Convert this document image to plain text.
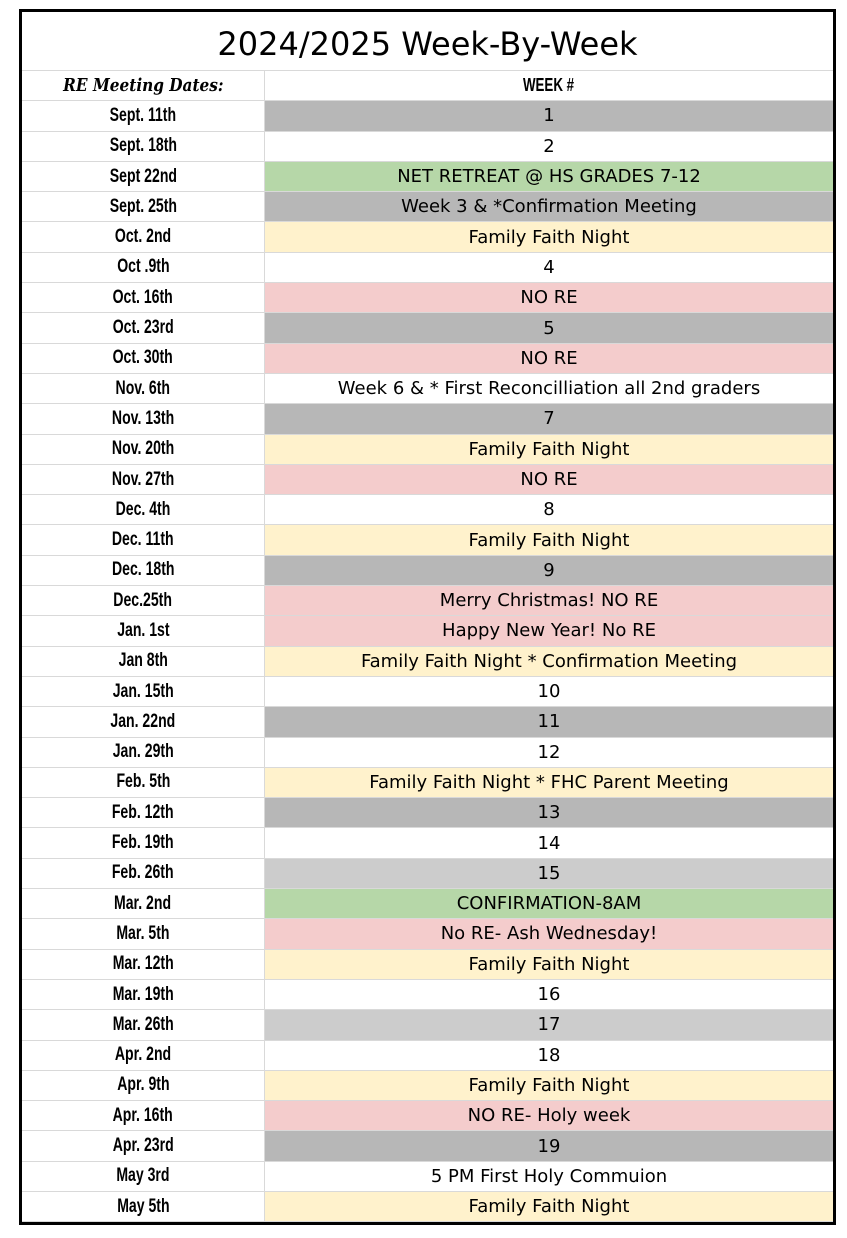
2024/2025 Week-By-Week
RE Meeting Dates:	WEEK #
Sept. 11th	1
Sept. 18th	2
Sept 22nd	NET RETREAT @ HS GRADES 7-12
Sept. 25th	Week 3 & *Confirmation Meeting
Oct. 2nd	Family Faith Night
Oct .9th	4
Oct. 16th	NO RE
Oct. 23rd	5
Oct. 30th	NO RE
Nov. 6th	Week 6 & * First Reconcilliation all 2nd graders
Nov. 13th	7
Nov. 20th	Family Faith Night
Nov. 27th	NO RE
Dec. 4th	8
Dec. 11th	Family Faith Night
Dec. 18th	9
Dec.25th	Merry Christmas! NO RE
Jan. 1st	Happy New Year! No RE
Jan 8th	Family Faith Night * Confirmation Meeting
Jan. 15th	10
Jan. 22nd	11
Jan. 29th	12
Feb. 5th	Family Faith Night * FHC Parent Meeting
Feb. 12th	13
Feb. 19th	14
Feb. 26th	15
Mar. 2nd	CONFIRMATION-8AM
Mar. 5th	No RE- Ash Wednesday!
Mar. 12th	Family Faith Night
Mar. 19th	16
Mar. 26th	17
Apr. 2nd	18
Apr. 9th	Family Faith Night
Apr. 16th	NO RE- Holy week
Apr. 23rd	19
May 3rd	5 PM First Holy Commuion
May 5th	Family Faith Night
